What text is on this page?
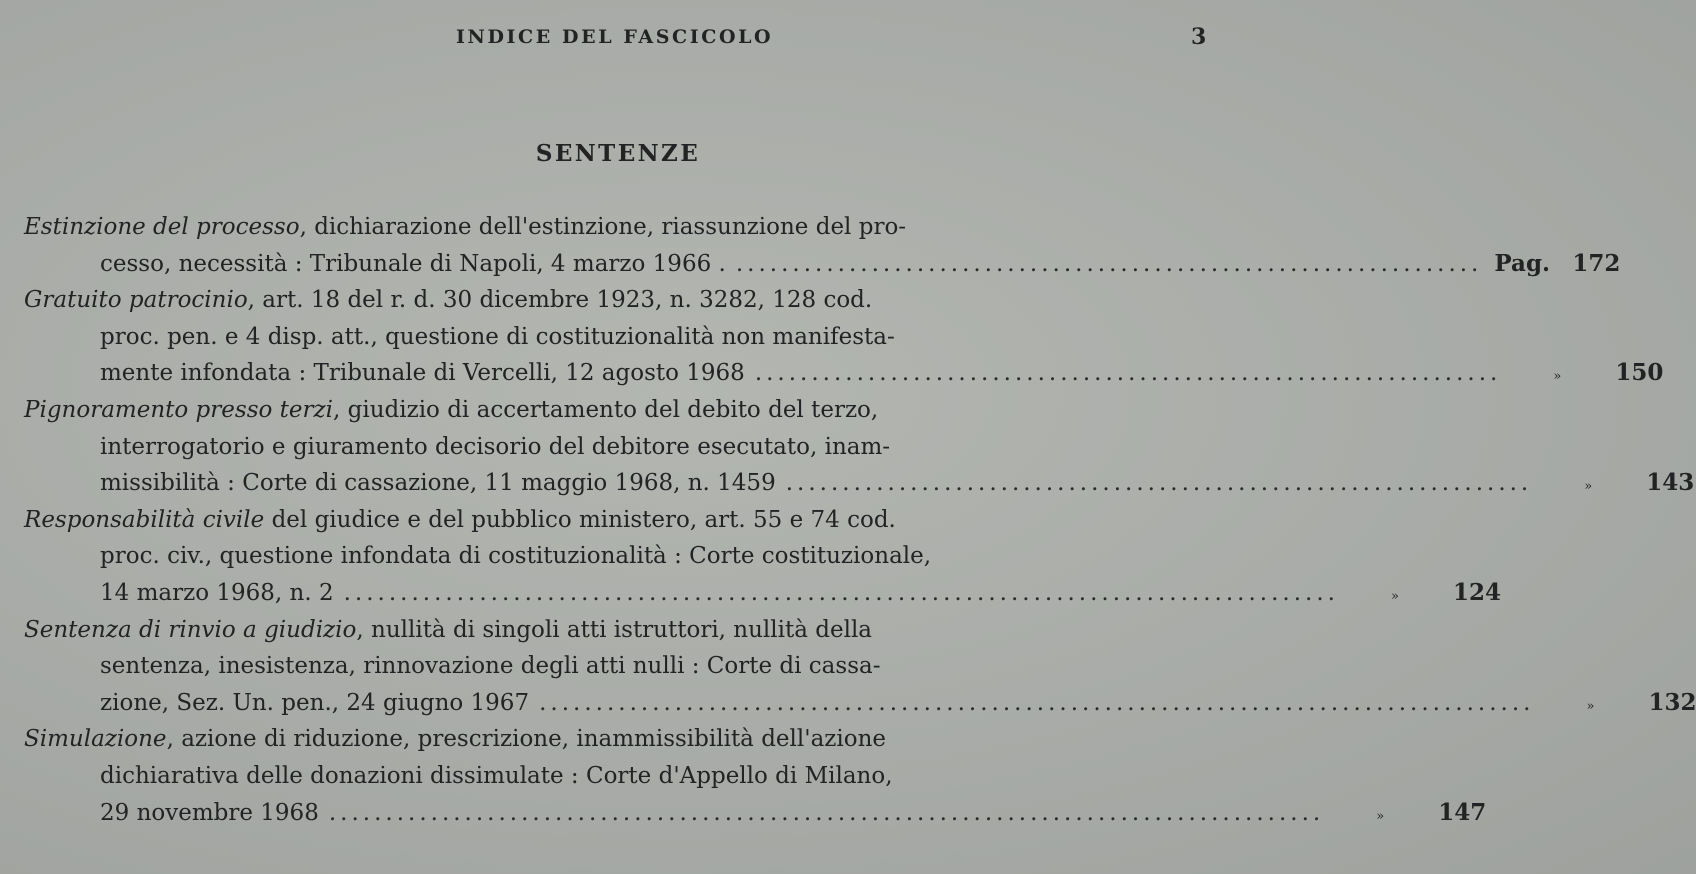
INDICE DEL FASCICOLO	3
SENTENZE
Estinzione del processo, dichiarazione dell'estinzione, riassunzione del pro-
cesso, necessità : Tribunale di Napoli, 4 marzo 1966 . .................................................................. Pag. 172
Gratuito patrocinio, art. 18 del r. d. 30 dicembre 1923, n. 3282, 128 cod.
proc. pen. e 4 disp. att., questione di costituzionalità non manifesta-
mente infondata : Tribunale di Vercelli, 12 agosto 1968 ..................................................................	» 150
Pignoramento presso terzi, giudizio di accertamento del debito del terzo,
interrogatorio e giuramento decisorio del debitore esecutato, inam-
missibilità : Corte di cassazione, 11 maggio 1968, n. 1459 ..................................................................	» 143
Responsabilità civile del giudice e del pubblico ministero, art. 55 e 74 cod.
proc. civ., questione infondata di costituzionalità : Corte costituzionale,
14 marzo 1968, n. 2 ........................................................................................	» 124
Sentenza di rinvio a giudizio, nullità di singoli atti istruttori, nullità della
sentenza, inesistenza, rinnovazione degli atti nulli : Corte di cassa-
zione, Sez. Un. pen., 24 giugno 1967 ........................................................................................	» 132
Simulazione, azione di riduzione, prescrizione, inammissibilità dell'azione
dichiarativa delle donazioni dissimulate : Corte d'Appello di Milano,
29 novembre 1968 ........................................................................................	» 147
